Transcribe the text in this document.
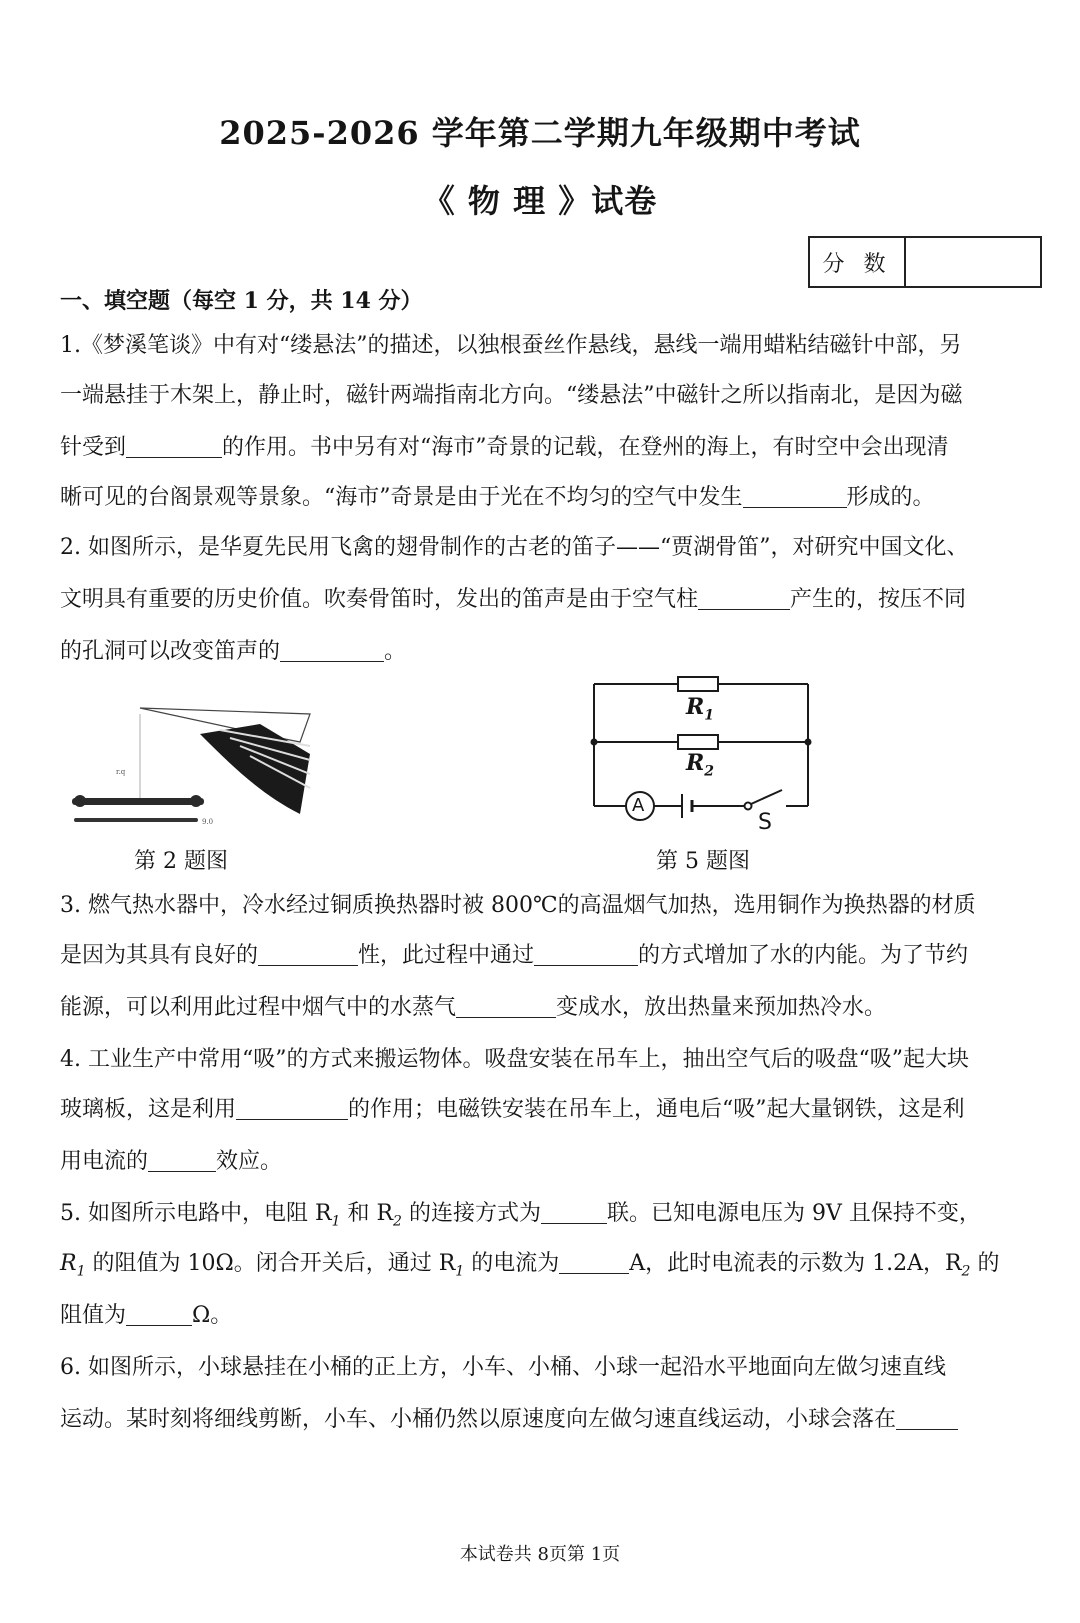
2025-2026 学年第二学期九年级期中考试
《 物 理 》试卷
分 数
一、填空题（每空 1 分，共 14 分）
1.《梦溪笔谈》中有对“缕悬法”的描述，以独根蚕丝作悬线，悬线一端用蜡粘结磁针中部，另
一端悬挂于木架上，静止时，磁针两端指南北方向。“缕悬法”中磁针之所以指南北，是因为磁
针受到	的作用。书中另有对“海市”奇景的记载，在登州的海上，有时空中会出现清
晰可见的台阁景观等景象。“海市”奇景是由于光在不均匀的空气中发生	形成的。
2. 如图所示，是华夏先民用飞禽的翅骨制作的古老的笛子——“贾湖骨笛”，对研究中国文化、
文明具有重要的历史价值。吹奏骨笛时，发出的笛声是由于空气柱	产生的，按压不同
的孔洞可以改变笛声的	。
r.q
9.0
第 2 题图
$R_1$
$R_2$
A
S
第 5 题图
3. 燃气热水器中，冷水经过铜质换热器时被 800℃的高温烟气加热，选用铜作为换热器的材质
是因为其具有良好的	性，此过程中通过	的方式增加了水的内能。为了节约
能源，可以利用此过程中烟气中的水蒸气	变成水，放出热量来预加热冷水。
4. 工业生产中常用“吸”的方式来搬运物体。吸盘安装在吊车上，抽出空气后的吸盘“吸”起大块
玻璃板，这是利用	的作用；电磁铁安装在吊车上，通电后“吸”起大量钢铁，这是利
用电流的	效应。
5. 如图所示电路中，电阻 $R_1$ 和 $R_2$ 的连接方式为	联。已知电源电压为 9V 且保持不变，
$R_1$ 的阻值为 10Ω。闭合开关后，通过 $R_1$ 的电流为	A，此时电流表的示数为 1.2A，$R_2$ 的
阻值为	Ω。
6. 如图所示，小球悬挂在小桶的正上方，小车、小桶、小球一起沿水平地面向左做匀速直线
运动。某时刻将细线剪断，小车、小桶仍然以原速度向左做匀速直线运动，小球会落在
本试卷共 8页第 1页
